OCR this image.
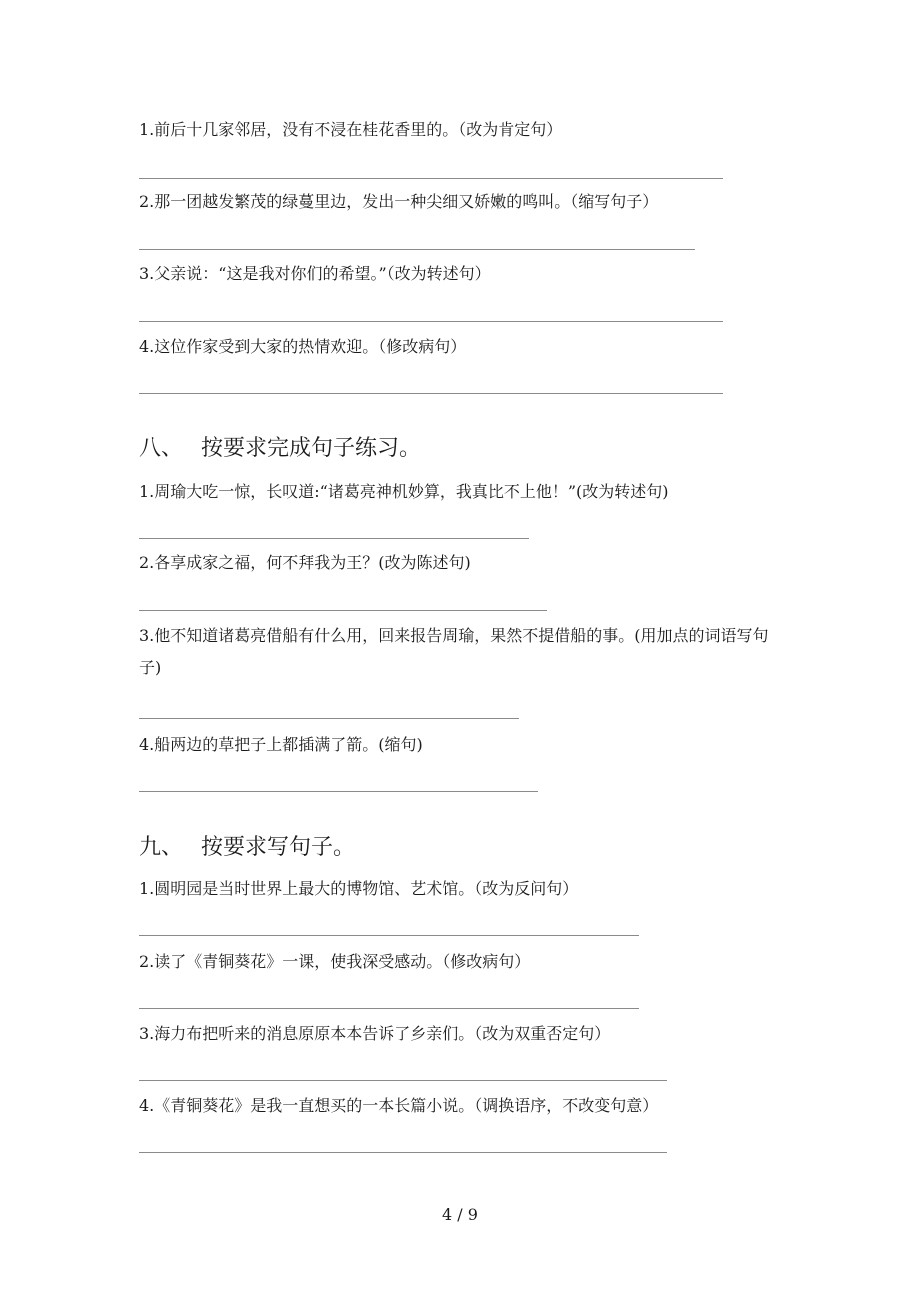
1.前后十几家邻居，没有不浸在桂花香里的。（改为肯定句）
2.那一团越发繁茂的绿蔓里边，发出一种尖细又娇嫩的鸣叫。（缩写句子）
3.父亲说：“这是我对你们的希望。”（改为转述句）
4.这位作家受到大家的热情欢迎。（修改病句）
八、 按要求完成句子练习。
1.周瑜大吃一惊，长叹道:“诸葛亮神机妙算，我真比不上他！”(改为转述句)
2.各享成家之福，何不拜我为王？(改为陈述句)
3.他不知道诸葛亮借船有什么用，回来报告周瑜，果然不提借船的事。(用加点的词语写句子)
4.船两边的草把子上都插满了箭。(缩句)
九、 按要求写句子。
1.圆明园是当时世界上最大的博物馆、艺术馆。（改为反问句）
2.读了《青铜葵花》一课，使我深受感动。（修改病句）
3.海力布把听来的消息原原本本告诉了乡亲们。（改为双重否定句）
4.《青铜葵花》是我一直想买的一本长篇小说。（调换语序，不改变句意）
4 / 9
